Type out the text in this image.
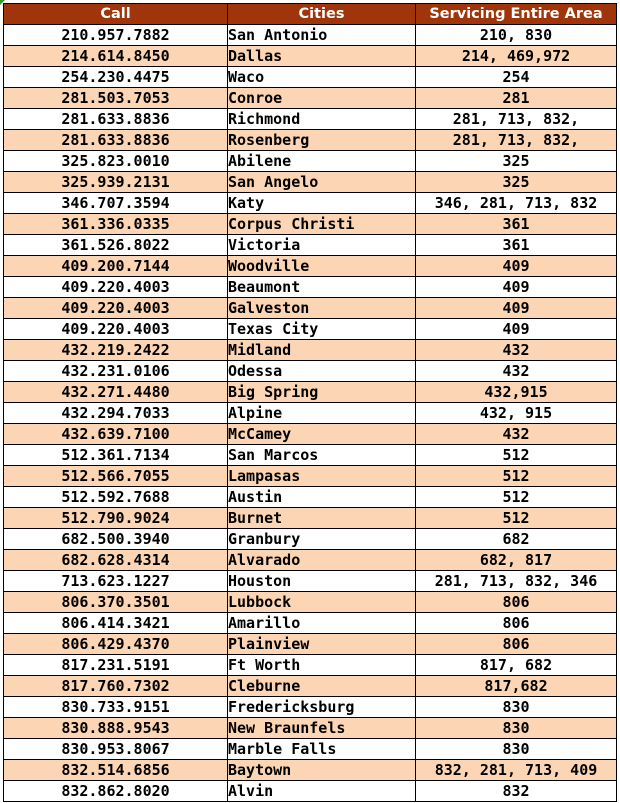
Call	Cities	Servicing Entire Area
210.957.7882	San Antonio	210, 830
214.614.8450	Dallas	214, 469,972
254.230.4475	Waco	254
281.503.7053	Conroe	281
281.633.8836	Richmond	281, 713, 832,
281.633.8836	Rosenberg	281, 713, 832,
325.823.0010	Abilene	325
325.939.2131	San Angelo	325
346.707.3594	Katy	346, 281, 713, 832
361.336.0335	Corpus Christi	361
361.526.8022	Victoria	361
409.200.7144	Woodville	409
409.220.4003	Beaumont	409
409.220.4003	Galveston	409
409.220.4003	Texas City	409
432.219.2422	Midland	432
432.231.0106	Odessa	432
432.271.4480	Big Spring	432,915
432.294.7033	Alpine	432, 915
432.639.7100	McCamey	432
512.361.7134	San Marcos	512
512.566.7055	Lampasas	512
512.592.7688	Austin	512
512.790.9024	Burnet	512
682.500.3940	Granbury	682
682.628.4314	Alvarado	682, 817
713.623.1227	Houston	281, 713, 832, 346
806.370.3501	Lubbock	806
806.414.3421	Amarillo	806
806.429.4370	Plainview	806
817.231.5191	Ft Worth	817, 682
817.760.7302	Cleburne	817,682
830.733.9151	Fredericksburg	830
830.888.9543	New Braunfels	830
830.953.8067	Marble Falls	830
832.514.6856	Baytown	832, 281, 713, 409
832.862.8020	Alvin	832
